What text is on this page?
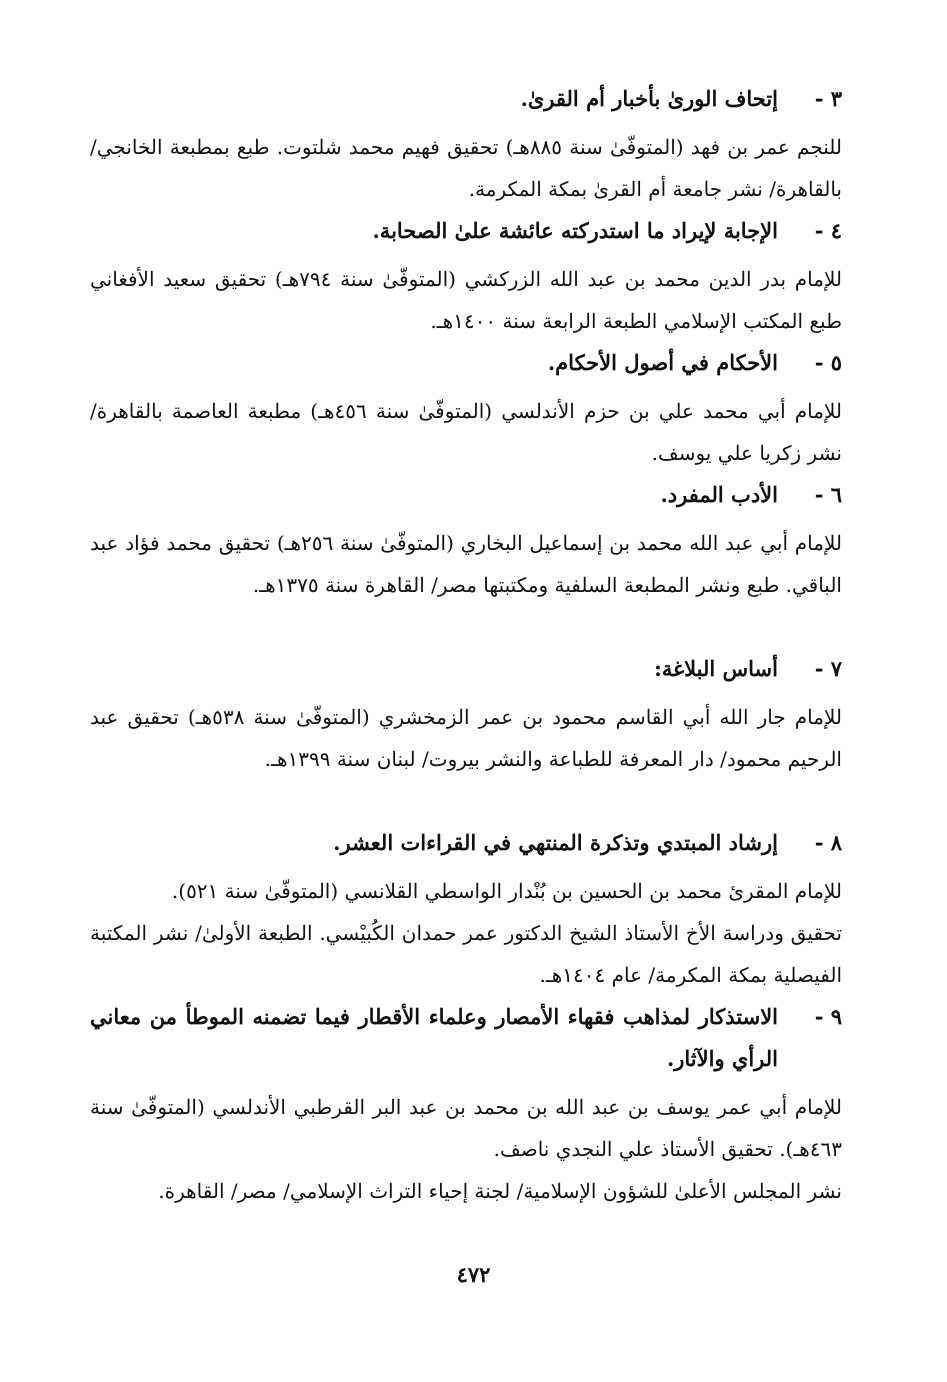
٣ -
إتحاف الورىٰ بأخبار أم القرىٰ.

للنجم عمر بن فهد (المتوفّىٰ سنة ٨٨٥هـ) تحقيق فهيم محمد شلتوت. طبع بمطبعة الخانجي/ بالقاهرة/ نشر جامعة أم القرىٰ بمكة المكرمة.

٤ -
الإجابة لإيراد ما استدركته عائشة علىٰ الصحابة.

للإمام بدر الدين محمد بن عبد الله الزركشي (المتوفّىٰ سنة ٧٩٤هـ) تحقيق سعيد الأفغاني طبع المكتب الإسلامي الطبعة الرابعة سنة ١٤٠٠هـ.

٥ -
الأحكام في أصول الأحكام.

للإمام أبي محمد علي بن حزم الأندلسي (المتوفّىٰ سنة ٤٥٦هـ) مطبعة العاصمة بالقاهرة/ نشر زكريا علي يوسف.

٦ -
الأدب المفرد.

للإمام أبي عبد الله محمد بن إسماعيل البخاري (المتوفّىٰ سنة ٢٥٦هـ) تحقيق محمد فؤاد عبد الباقي. طبع ونشر المطبعة السلفية ومكتبتها مصر/ القاهرة سنة ١٣٧٥هـ.

٧ -
أساس البلاغة:

للإمام جار الله أبي القاسم محمود بن عمر الزمخشري (المتوفّىٰ سنة ٥٣٨هـ) تحقيق عبد الرحيم محمود/ دار المعرفة للطباعة والنشر بيروت/ لبنان سنة ١٣٩٩هـ.

٨ -
إرشاد المبتدي وتذكرة المنتهي في القراءات العشر.

للإمام المقرئ محمد بن الحسين بن بُنْدار الواسطي القلانسي (المتوفّىٰ سنة ٥٢١).

تحقيق ودراسة الأخ الأستاذ الشيخ الدكتور عمر حمدان الكُبيْسي. الطبعة الأولىٰ/ نشر المكتبة الفيصلية بمكة المكرمة/ عام ١٤٠٤هـ.

٩ -
الاستذكار لمذاهب فقهاء الأمصار وعلماء الأقطار فيما تضمنه الموطأ من معاني الرأي والآثار.

للإمام أبي عمر يوسف بن عبد الله بن محمد بن عبد البر القرطبي الأندلسي (المتوفّىٰ سنة ٤٦٣هـ). تحقيق الأستاذ علي النجدي ناصف.

نشر المجلس الأعلىٰ للشؤون الإسلامية/ لجنة إحياء التراث الإسلامي/ مصر/ القاهرة.

٤٧٢
